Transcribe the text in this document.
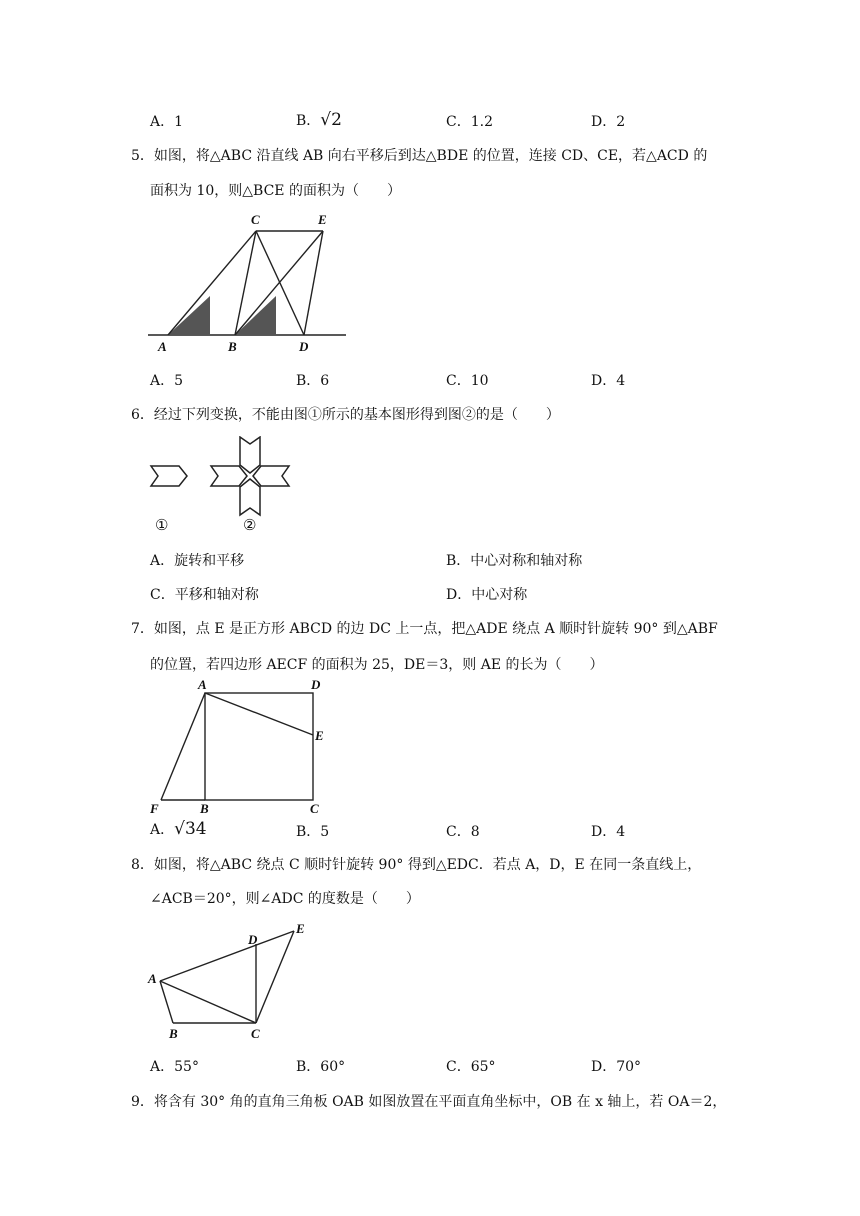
A．1	B．√2	C．1.2	D．2
5．如图，将△ABC 沿直线 AB 向右平移后到达△BDE 的位置，连接 CD、CE，若△ACD 的
面积为 10，则△BCE 的面积为（　　）
A	B	D
C	E
A．5	B．6	C．10	D．4
6．经过下列变换，不能由图①所示的基本图形得到图②的是（　　）
①	②
A．旋转和平移	B．中心对称和轴对称
C．平移和轴对称	D．中心对称
7．如图，点 E 是正方形 ABCD 的边 DC 上一点，把△ADE 绕点 A 顺时针旋转 90° 到△ABF
的位置，若四边形 AECF 的面积为 25，DE＝3，则 AE 的长为（　　）
A	D
E
F	B	C
A．√34	B．5	C．8	D．4
8．如图，将△ABC 绕点 C 顺时针旋转 90° 得到△EDC．若点 A，D，E 在同一条直线上，
∠ACB＝20°，则∠ADC 的度数是（　　）
A
B	C
D
E
A．55°	B．60°	C．65°	D．70°
9．将含有 30° 角的直角三角板 OAB 如图放置在平面直角坐标中，OB 在 x 轴上，若 OA＝2，
